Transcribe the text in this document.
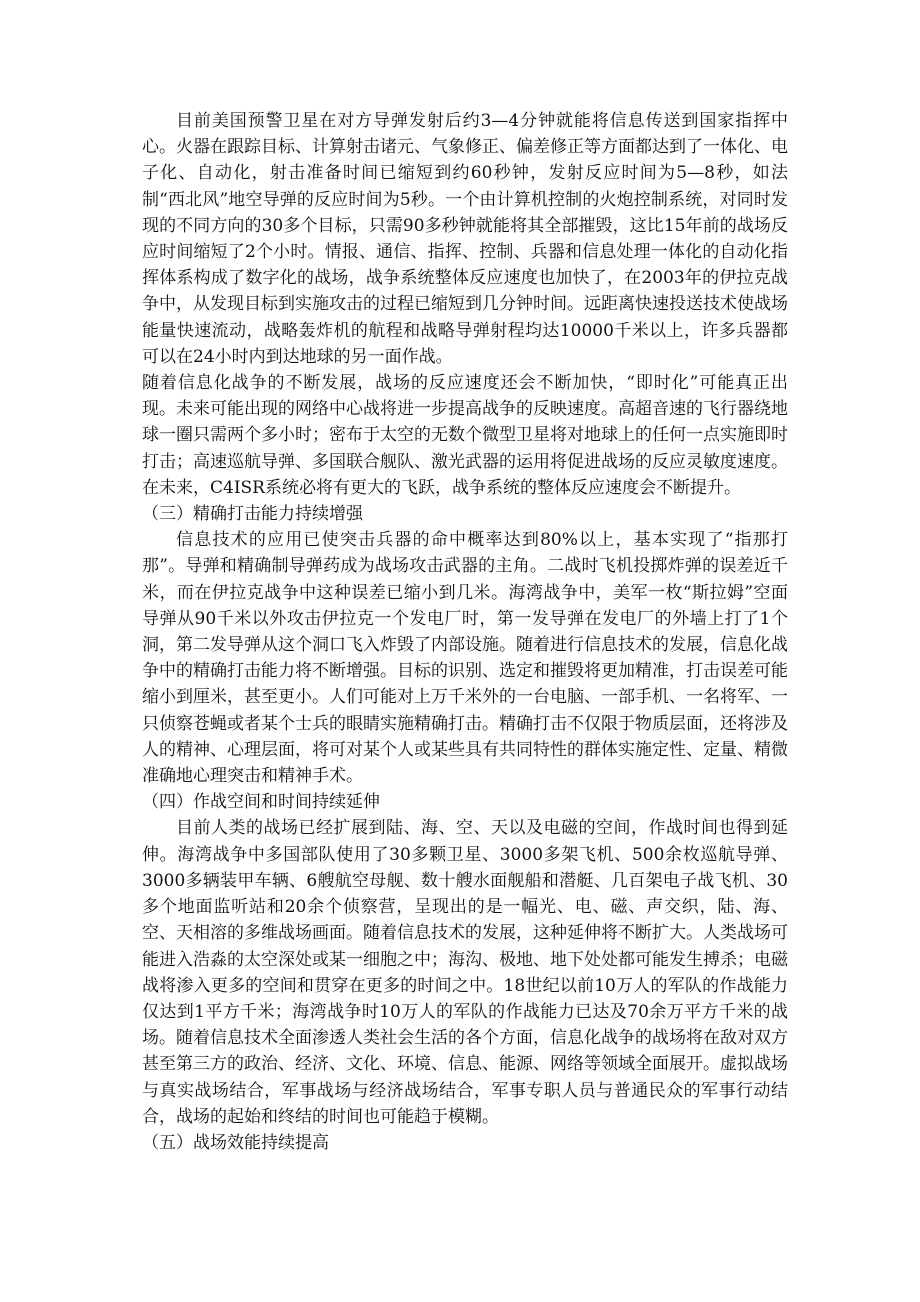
目前美国预警卫星在对方导弹发射后约3—4分钟就能将信息传送到国家指挥中心。火器在跟踪目标、计算射击诸元、气象修正、偏差修正等方面都达到了一体化、电子化、自动化，射击准备时间已缩短到约60秒钟，发射反应时间为5—8秒，如法制“西北风”地空导弹的反应时间为5秒。一个由计算机控制的火炮控制系统，对同时发现的不同方向的30多个目标，只需90多秒钟就能将其全部摧毁，这比15年前的战场反应时间缩短了2个小时。情报、通信、指挥、控制、兵器和信息处理一体化的自动化指挥体系构成了数字化的战场，战争系统整体反应速度也加快了，在2003年的伊拉克战争中，从发现目标到实施攻击的过程已缩短到几分钟时间。远距离快速投送技术使战场能量快速流动，战略轰炸机的航程和战略导弹射程均达10000千米以上，许多兵器都可以在24小时内到达地球的另一面作战。

随着信息化战争的不断发展，战场的反应速度还会不断加快，“即时化”可能真正出现。未来可能出现的网络中心战将进一步提高战争的反映速度。高超音速的飞行器绕地球一圈只需两个多小时；密布于太空的无数个微型卫星将对地球上的任何一点实施即时打击；高速巡航导弹、多国联合舰队、激光武器的运用将促进战场的反应灵敏度速度。在未来，C4ISR系统必将有更大的飞跃，战争系统的整体反应速度会不断提升。

（三）精确打击能力持续增强

信息技术的应用已使突击兵器的命中概率达到80%以上，基本实现了“指那打那”。导弹和精确制导弹药成为战场攻击武器的主角。二战时飞机投掷炸弹的误差近千米，而在伊拉克战争中这种误差已缩小到几米。海湾战争中，美军一枚“斯拉姆”空面导弹从90千米以外攻击伊拉克一个发电厂时，第一发导弹在发电厂的外墙上打了1个洞，第二发导弹从这个洞口飞入炸毁了内部设施。随着进行信息技术的发展，信息化战争中的精确打击能力将不断增强。目标的识别、选定和摧毁将更加精准，打击误差可能缩小到厘米，甚至更小。人们可能对上万千米外的一台电脑、一部手机、一名将军、一只侦察苍蝇或者某个士兵的眼睛实施精确打击。精确打击不仅限于物质层面，还将涉及人的精神、心理层面，将可对某个人或某些具有共同特性的群体实施定性、定量、精微准确地心理突击和精神手术。

（四）作战空间和时间持续延伸

目前人类的战场已经扩展到陆、海、空、天以及电磁的空间，作战时间也得到延伸。海湾战争中多国部队使用了30多颗卫星、3000多架飞机、500余枚巡航导弹、3000多辆装甲车辆、6艘航空母舰、数十艘水面舰船和潜艇、几百架电子战飞机、30多个地面监听站和20余个侦察营，呈现出的是一幅光、电、磁、声交织，陆、海、空、天相溶的多维战场画面。随着信息技术的发展，这种延伸将不断扩大。人类战场可能进入浩淼的太空深处或某一细胞之中；海沟、极地、地下处处都可能发生搏杀；电磁战将渗入更多的空间和贯穿在更多的时间之中。18世纪以前10万人的军队的作战能力仅达到1平方千米；海湾战争时10万人的军队的作战能力已达及70余万平方千米的战场。随着信息技术全面渗透人类社会生活的各个方面，信息化战争的战场将在敌对双方甚至第三方的政治、经济、文化、环境、信息、能源、网络等领域全面展开。虚拟战场与真实战场结合，军事战场与经济战场结合，军事专职人员与普通民众的军事行动结合，战场的起始和终结的时间也可能趋于模糊。

（五）战场效能持续提高
